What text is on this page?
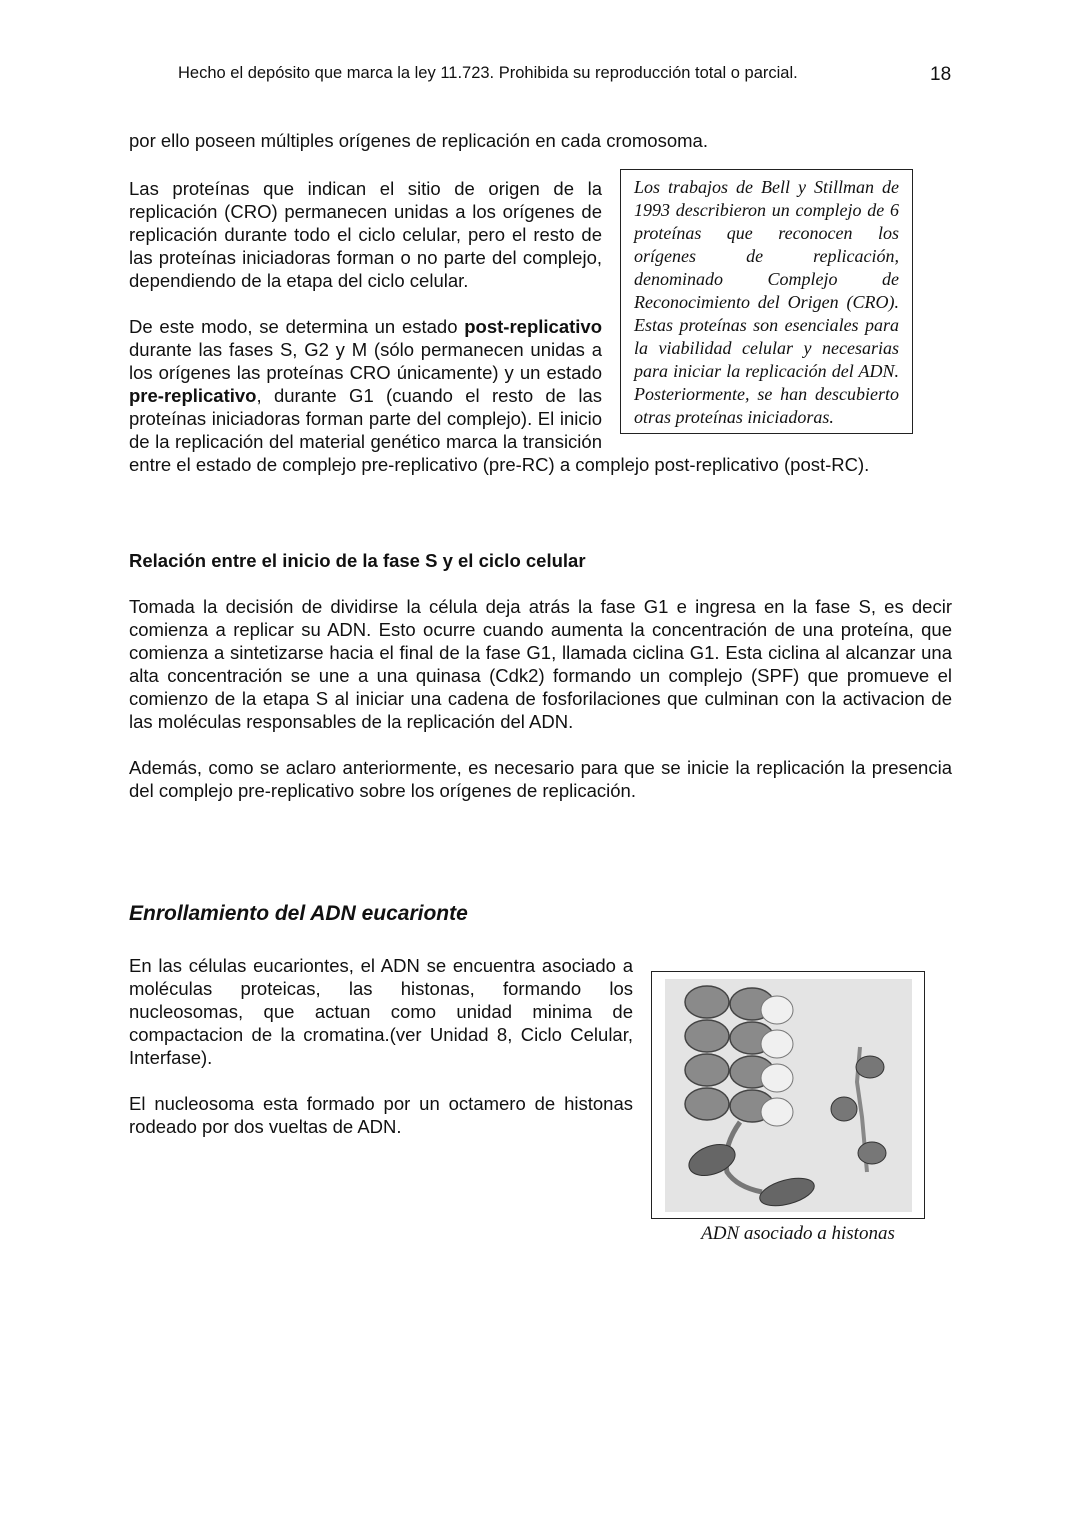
Hecho el depósito que marca la ley 11.723. Prohibida su reproducción total o parcial.	18
por ello poseen múltiples orígenes de replicación en cada cromosoma.
Los trabajos de Bell y Stillman de 1993 describieron un complejo de 6 proteínas que reconocen los orígenes de replicación, denominado Complejo de Reconocimiento del Origen (CRO). Estas proteínas son esenciales para la viabilidad celular y necesarias para iniciar la replicación del ADN. Posteriormente, se han descubierto otras proteínas iniciadoras.

Las proteínas que indican el sitio de origen de la replicación (CRO) permanecen unidas a los orígenes de replicación durante todo el ciclo celular, pero el resto de las proteínas iniciadoras forman o no parte del complejo, dependiendo de la etapa del ciclo celular.

De este modo, se determina un estado post-replicativo durante las fases S, G2 y M (sólo permanecen unidas a los orígenes las proteínas CRO únicamente) y un estado pre-replicativo, durante G1 (cuando el resto de las proteínas iniciadoras forman parte del complejo). El inicio de la replicación del material genético marca la transición entre el estado de complejo pre-replicativo (pre-RC) a complejo post-replicativo (post-RC).

Relación entre el inicio de la fase S y el ciclo celular

Tomada la decisión de dividirse la célula deja atrás la fase G1 e ingresa en la fase S, es decir comienza a replicar su ADN. Esto ocurre cuando aumenta la concentración de una proteína, que comienza a sintetizarse hacia el final de la fase G1, llamada ciclina G1. Esta ciclina al alcanzar una alta concentración se une a una quinasa (Cdk2) formando un complejo (SPF) que promueve el comienzo de la etapa S al iniciar una cadena de fosforilaciones que culminan con la activacion de las moléculas responsables de la replicación del ADN.

Además, como se aclaro anteriormente, es necesario para que se inicie la replicación la presencia del complejo pre-replicativo sobre los orígenes de replicación.

Enrollamiento del ADN eucarionte

En las células eucariontes, el ADN se encuentra asociado a moléculas proteicas, las histonas, formando los nucleosomas, que actuan como unidad minima de compactacion de la cromatina.(ver Unidad 8, Ciclo Celular, Interfase).

El nucleosoma esta formado por un octamero de histonas rodeado por dos vueltas de ADN.

ADN asociado a histonas
